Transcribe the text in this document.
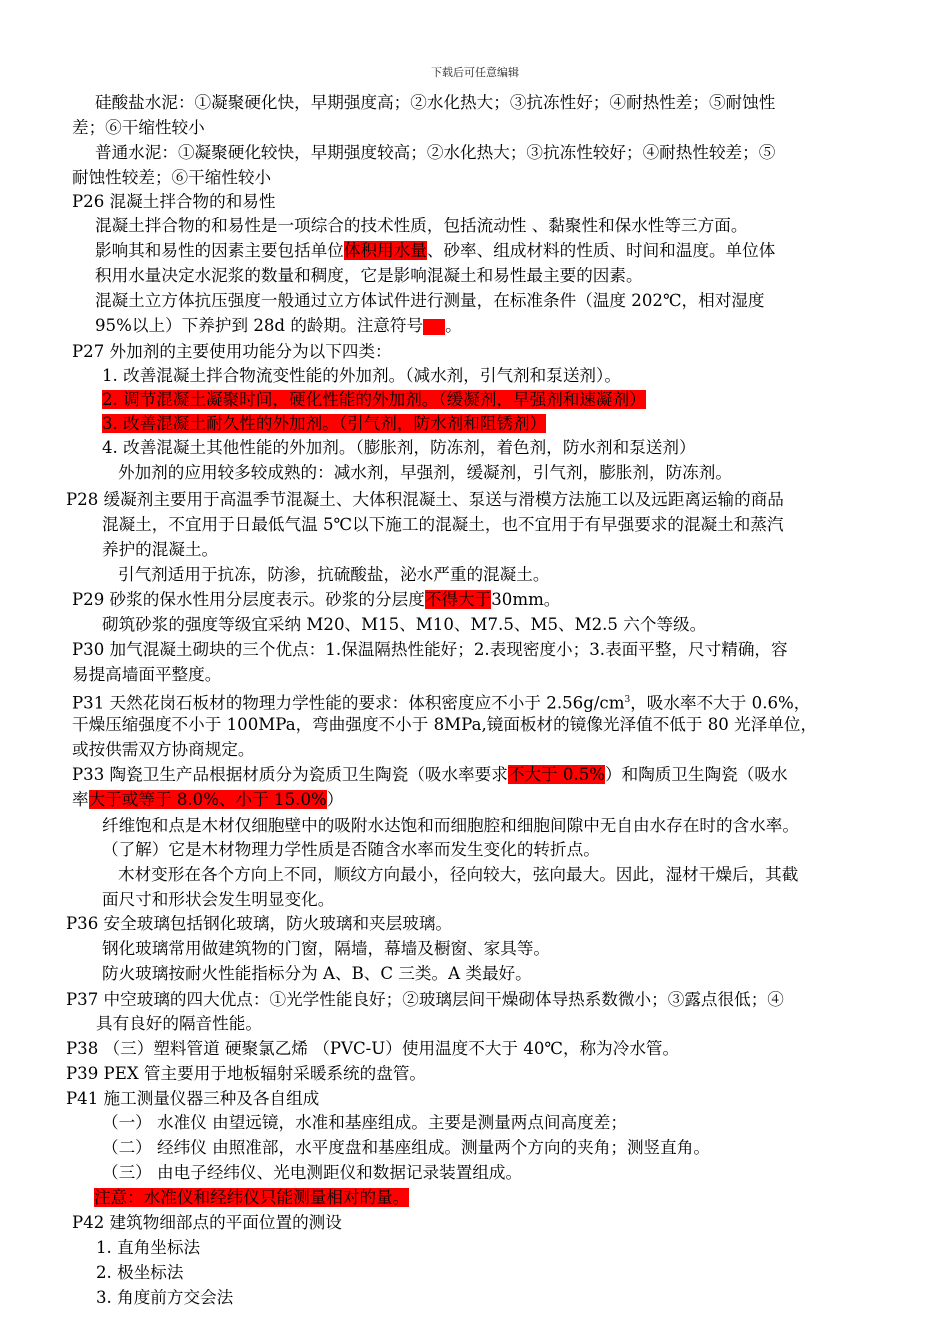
下载后可任意编辑
硅酸盐水泥：①凝聚硬化快，早期强度高；②水化热大；③抗冻性好；④耐热性差；⑤耐蚀性
差；⑥干缩性较小
普通水泥：①凝聚硬化较快，早期强度较高；②水化热大；③抗冻性较好；④耐热性较差；⑤
耐蚀性较差；⑥干缩性较小
P26 混凝土拌合物的和易性
混凝土拌合物的和易性是一项综合的技术性质，包括流动性 、黏聚性和保水性等三方面。
影响其和易性的因素主要包括单位体积用水量、砂率、组成材料的性质、时间和温度。单位体
积用水量决定水泥浆的数量和稠度，它是影响混凝土和易性最主要的因素。
混凝土立方体抗压强度一般通过立方体试件进行测量，在标准条件（温度 202℃，相对湿度
95%以上）下养护到 28d 的龄期。注意符号fcu。
P27 外加剂的主要使用功能分为以下四类：
1. 改善混凝土拌合物流变性能的外加剂。（减水剂，引气剂和泵送剂）。
2. 调节混凝土凝聚时间，硬化性能的外加剂。（缓凝剂，早强剂和速凝剂）
3. 改善混凝土耐久性的外加剂。（引气剂，防水剂和阻锈剂）
4. 改善混凝土其他性能的外加剂。（膨胀剂，防冻剂，着色剂，防水剂和泵送剂）
外加剂的应用较多较成熟的：减水剂，早强剂，缓凝剂，引气剂，膨胀剂，防冻剂。
P28 缓凝剂主要用于高温季节混凝土、大体积混凝土、泵送与滑模方法施工以及远距离运输的商品
混凝土，不宜用于日最低气温 5℃以下施工的混凝土，也不宜用于有早强要求的混凝土和蒸汽
养护的混凝土。
引气剂适用于抗冻，防渗，抗硫酸盐，泌水严重的混凝土。
P29 砂浆的保水性用分层度表示。砂浆的分层度不得大于30mm。
砌筑砂浆的强度等级宜采纳 M20、M15、M10、M7.5、M5、M2.5 六个等级。
P30 加气混凝土砌块的三个优点：1.保温隔热性能好；2.表现密度小；3.表面平整，尺寸精确，容
易提高墙面平整度。
P31 天然花岗石板材的物理力学性能的要求：体积密度应不小于 $2.56g/cm^3$，吸水率不大于 0.6%，
干燥压缩强度不小于 100MPa，弯曲强度不小于 8MPa,镜面板材的镜像光泽值不低于 80 光泽单位，
或按供需双方协商规定。
P33 陶瓷卫生产品根据材质分为瓷质卫生陶瓷（吸水率要求不大于 0.5%）和陶质卫生陶瓷（吸水
率大于或等于 8.0%、小于 15.0%）
纤维饱和点是木材仅细胞壁中的吸附水达饱和而细胞腔和细胞间隙中无自由水存在时的含水率。
（了解）它是木材物理力学性质是否随含水率而发生变化的转折点。
木材变形在各个方向上不同，顺纹方向最小，径向较大，弦向最大。因此，湿材干燥后，其截
面尺寸和形状会发生明显变化。
P36 安全玻璃包括钢化玻璃，防火玻璃和夹层玻璃。
钢化玻璃常用做建筑物的门窗，隔墙，幕墙及橱窗、家具等。
防火玻璃按耐火性能指标分为 A、B、C 三类。A 类最好。
P37 中空玻璃的四大优点：①光学性能良好；②玻璃层间干燥砌体导热系数微小；③露点很低；④
具有良好的隔音性能。
P38 （三）塑料管道 硬聚氯乙烯 （PVC-U）使用温度不大于 40℃，称为冷水管。
P39 PEX 管主要用于地板辐射采暖系统的盘管。
P41 施工测量仪器三种及各自组成
（一） 水准仪 由望远镜，水准和基座组成。主要是测量两点间高度差；
（二） 经纬仪 由照准部，水平度盘和基座组成。测量两个方向的夹角；测竖直角。
（三） 由电子经纬仪、光电测距仪和数据记录装置组成。
注意：水准仪和经纬仪只能测量相对的量。
P42 建筑物细部点的平面位置的测设
1. 直角坐标法
2. 极坐标法
3. 角度前方交会法
